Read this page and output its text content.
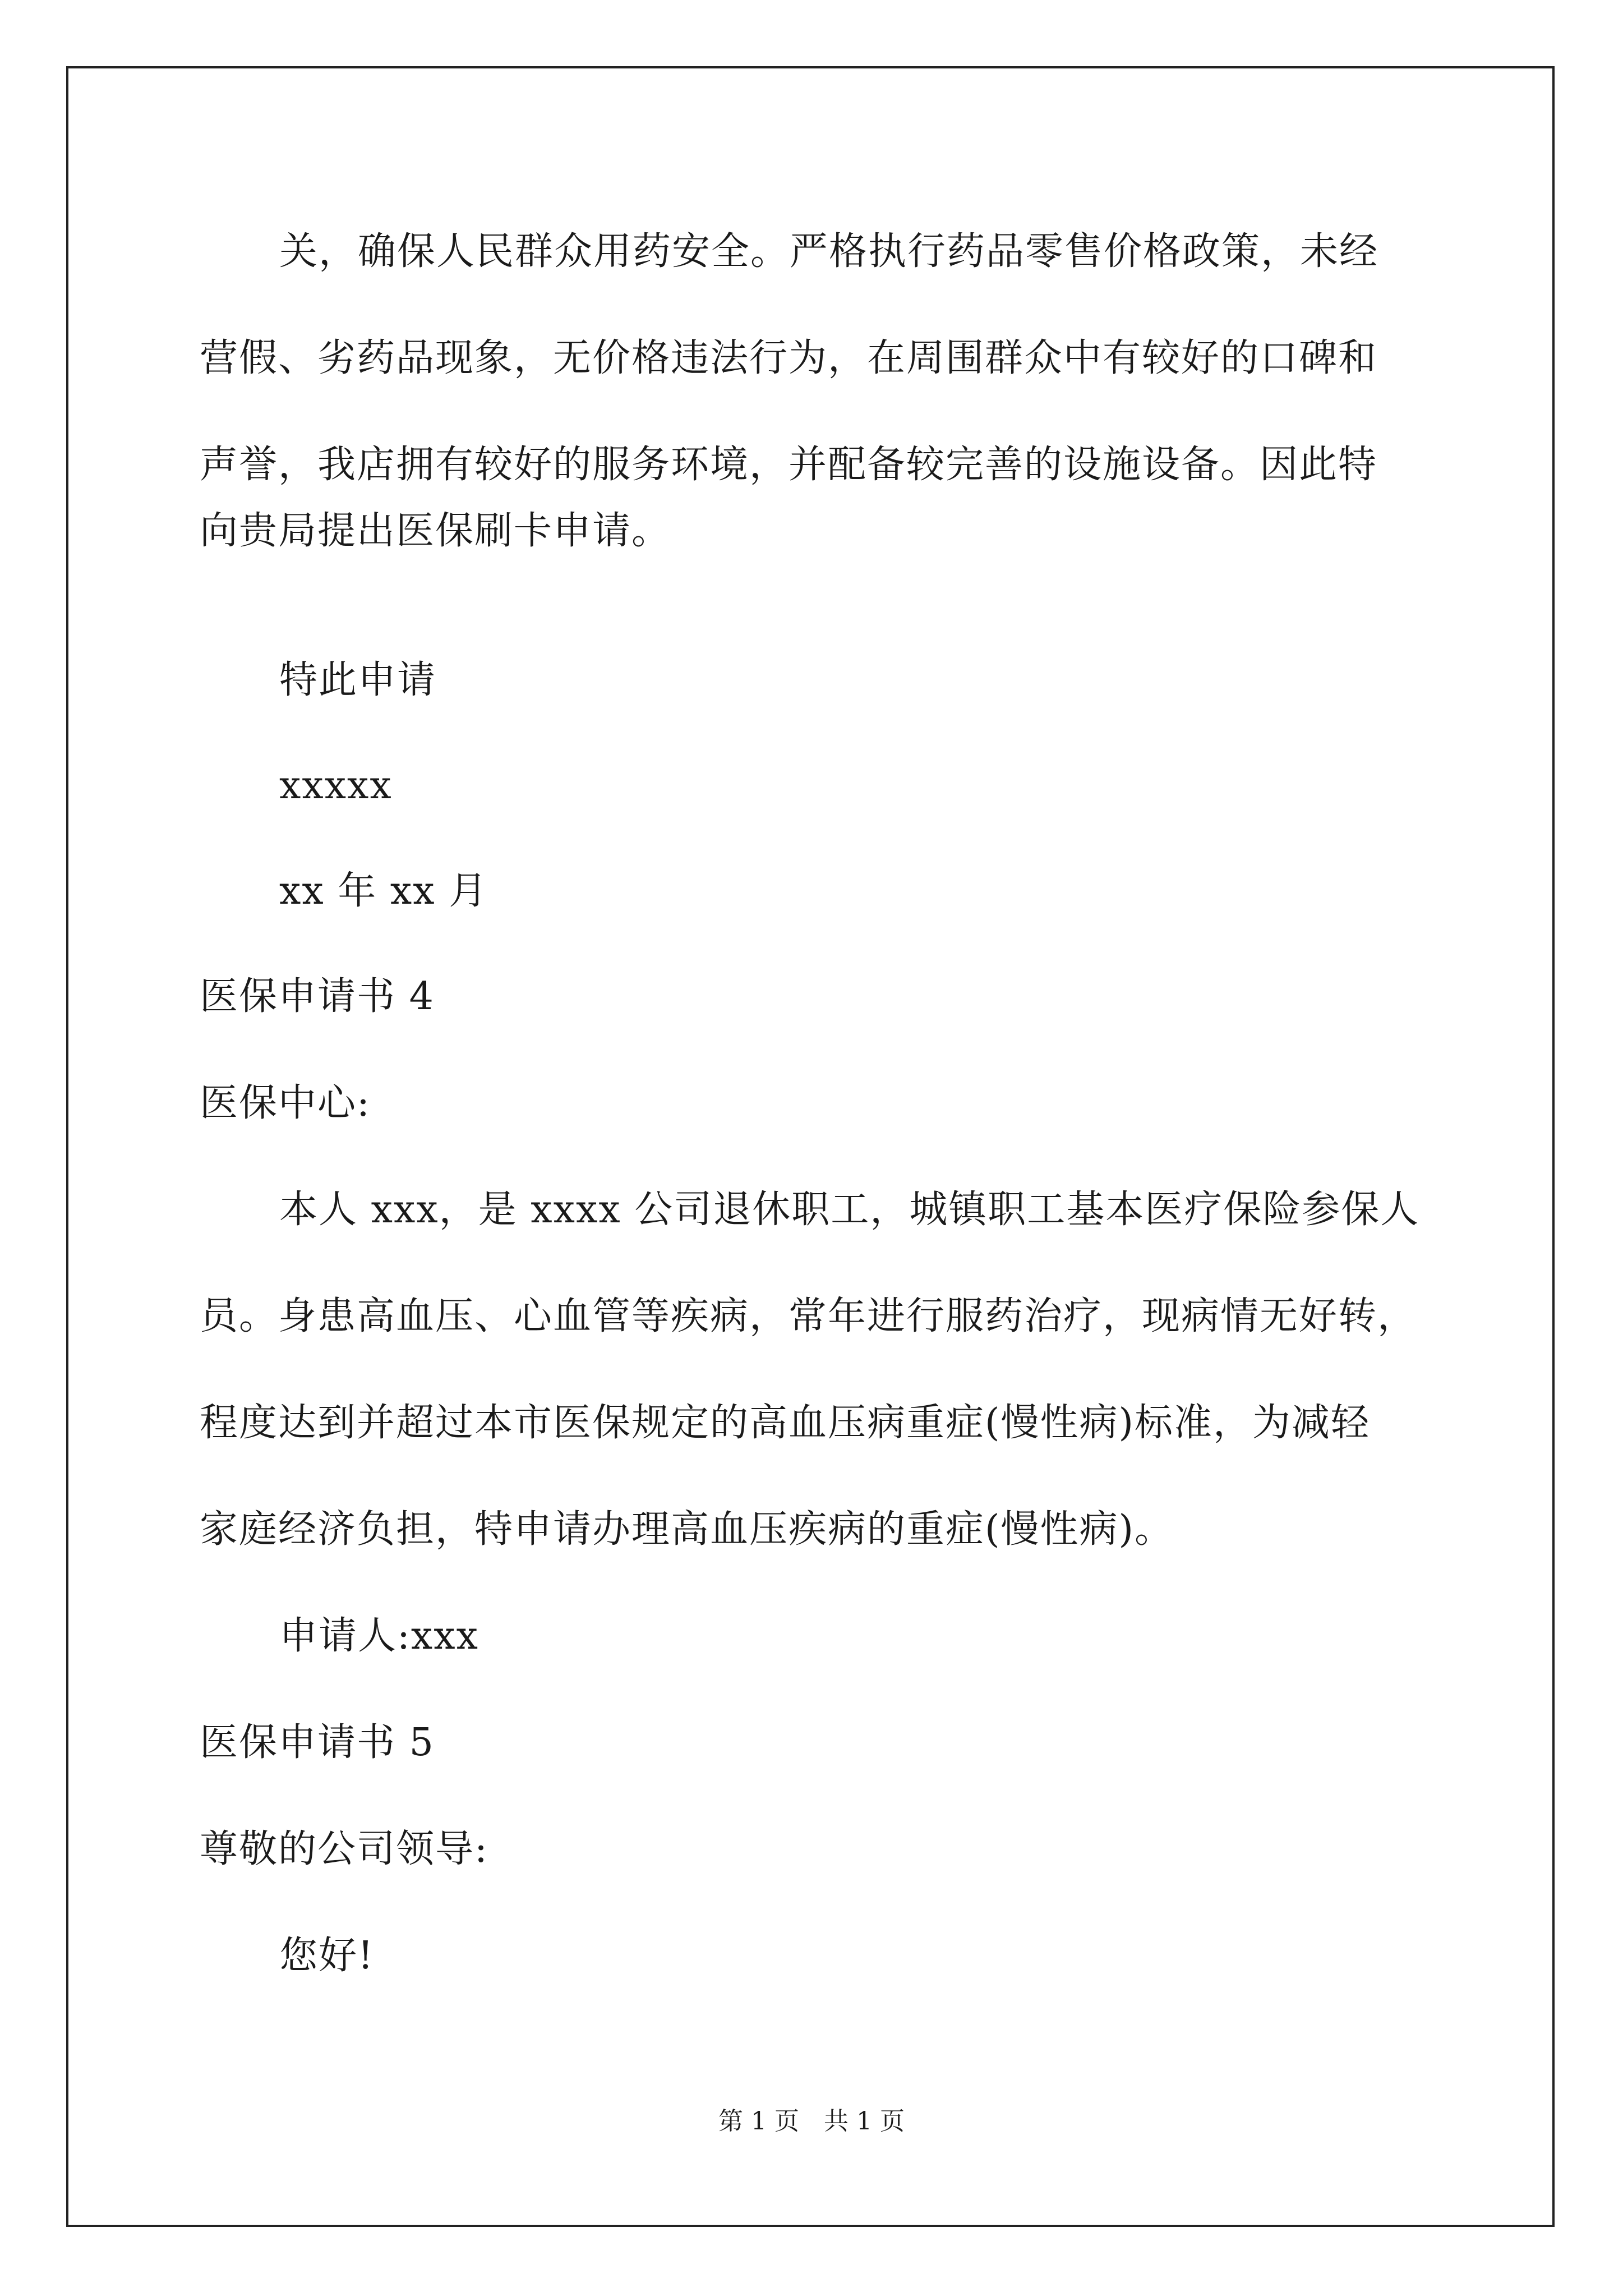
关，确保人民群众用药安全。严格执行药品零售价格政策，未经
营假、劣药品现象，无价格违法行为，在周围群众中有较好的口碑和
声誉，我店拥有较好的服务环境，并配备较完善的设施设备。因此特
向贵局提出医保刷卡申请。
特此申请
xxxxx
xx 年 xx 月
医保申请书 4
医保中心:
本人 xxx，是 xxxx 公司退休职工，城镇职工基本医疗保险参保人
员。身患高血压、心血管等疾病，常年进行服药治疗，现病情无好转，
程度达到并超过本市医保规定的高血压病重症(慢性病)标准，为减轻
家庭经济负担，特申请办理高血压疾病的重症(慢性病)。
申请人:xxx
医保申请书 5
尊敬的公司领导:
您好!
第 1 页　共 1 页
